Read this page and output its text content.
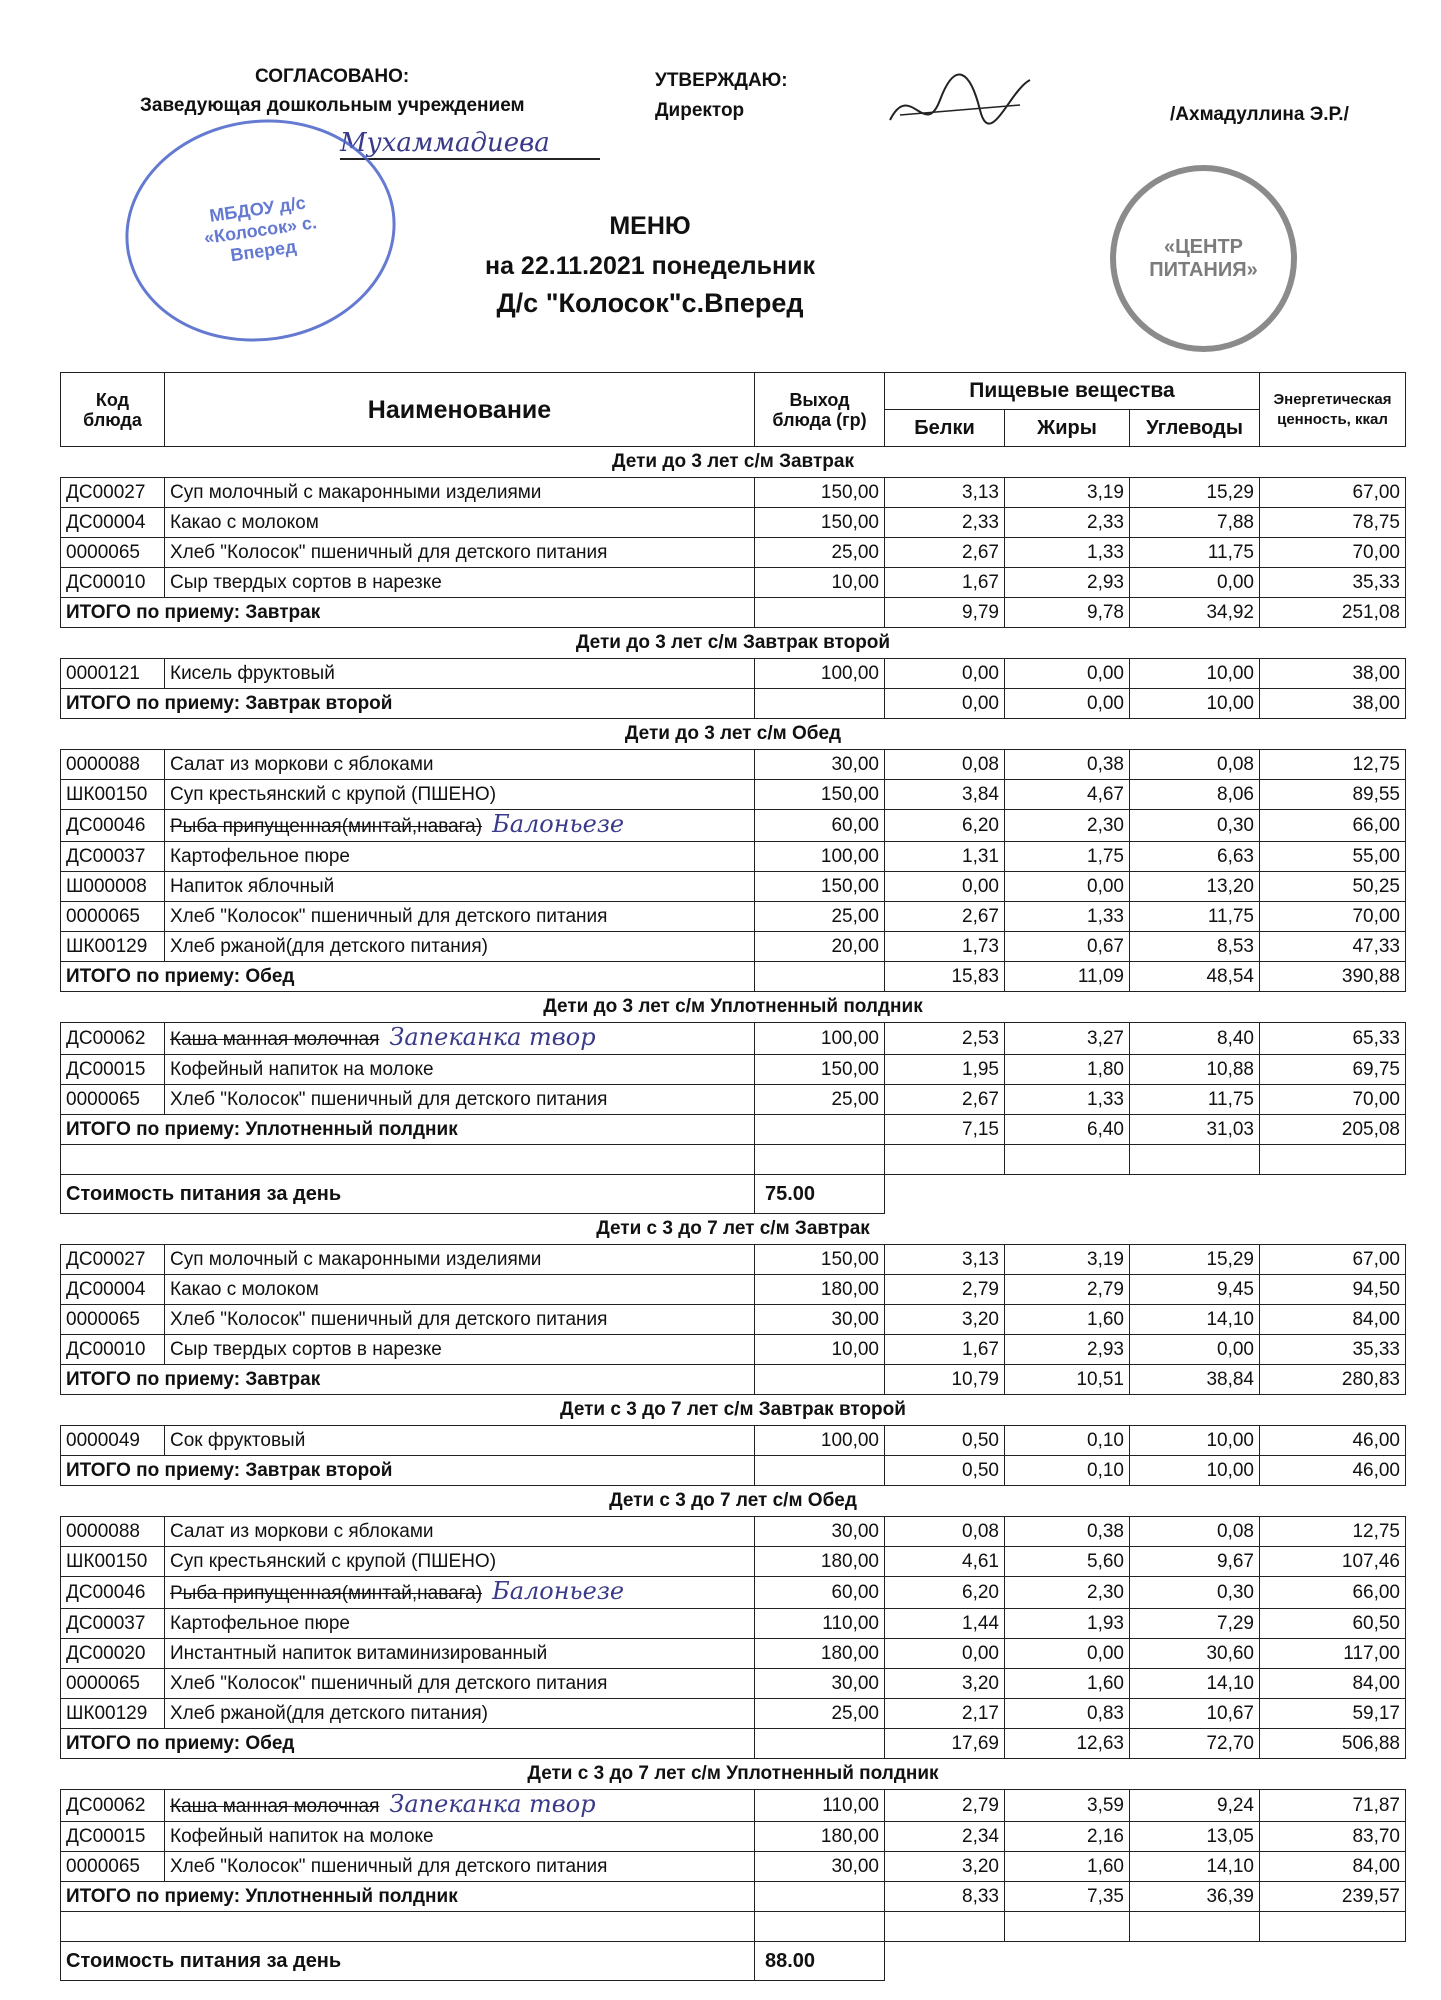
СОГЛАСОВАНО:
Заведующая дошкольным учреждением
Мухаммадиева
УТВЕРЖДАЮ:
Директор	/Ахмадуллина Э.Р./
МБДОУ д/с «Колосок» с. Вперед	«ЦЕНТР ПИТАНИЯ»
МЕНЮ
на 22.11.2021 понедельник
Д/с "Колосок"с.Вперед
Код блюда	Наименование	Выход блюда (гр)	Пищевые вещества			Энергетическая ценность, ккал
			Белки	Жиры	Углеводы	
Дети до 3 лет с/м Завтрак						
ДС00027	Суп молочный с макаронными изделиями	150,00	3,13	3,19	15,29	67,00
ДС00004	Какао с молоком	150,00	2,33	2,33	7,88	78,75
0000065	Хлеб "Колосок" пшеничный для детского питания	25,00	2,67	1,33	11,75	70,00
ДС00010	Сыр твердых сортов в нарезке	10,00	1,67	2,93	0,00	35,33
ИТОГО по приему: Завтрак			9,79	9,78	34,92	251,08
Дети до 3 лет с/м Завтрак второй						
0000121	Кисель фруктовый	100,00	0,00	0,00	10,00	38,00
ИТОГО по приему: Завтрак второй			0,00	0,00	10,00	38,00
Дети до 3 лет с/м Обед						
0000088	Салат из моркови с яблоками	30,00	0,08	0,38	0,08	12,75
ШК00150	Суп крестьянский с крупой (ПШЕНО)	150,00	3,84	4,67	8,06	89,55
ДС00046	Рыба припущенная(минтай,навага) Балоньезе	60,00	6,20	2,30	0,30	66,00
ДС00037	Картофельное пюре	100,00	1,31	1,75	6,63	55,00
Ш000008	Напиток яблочный	150,00	0,00	0,00	13,20	50,25
0000065	Хлеб "Колосок" пшеничный для детского питания	25,00	2,67	1,33	11,75	70,00
ШК00129	Хлеб ржаной(для детского питания)	20,00	1,73	0,67	8,53	47,33
ИТОГО по приему: Обед			15,83	11,09	48,54	390,88
Дети до 3 лет с/м Уплотненный полдник						
ДС00062	Каша манная молочная Запеканка твор	100,00	2,53	3,27	8,40	65,33
ДС00015	Кофейный напиток на молоке	150,00	1,95	1,80	10,88	69,75
0000065	Хлеб "Колосок" пшеничный для детского питания	25,00	2,67	1,33	11,75	70,00
ИТОГО по приему: Уплотненный полдник			7,15	6,40	31,03	205,08

Стоимость питания за день		75.00				
Дети с 3 до 7 лет с/м Завтрак						
ДС00027	Суп молочный с макаронными изделиями	150,00	3,13	3,19	15,29	67,00
ДС00004	Какао с молоком	180,00	2,79	2,79	9,45	94,50
0000065	Хлеб "Колосок" пшеничный для детского питания	30,00	3,20	1,60	14,10	84,00
ДС00010	Сыр твердых сортов в нарезке	10,00	1,67	2,93	0,00	35,33
ИТОГО по приему: Завтрак			10,79	10,51	38,84	280,83
Дети с 3 до 7 лет с/м Завтрак второй						
0000049	Сок фруктовый	100,00	0,50	0,10	10,00	46,00
ИТОГО по приему: Завтрак второй			0,50	0,10	10,00	46,00
Дети с 3 до 7 лет с/м Обед						
0000088	Салат из моркови с яблоками	30,00	0,08	0,38	0,08	12,75
ШК00150	Суп крестьянский с крупой (ПШЕНО)	180,00	4,61	5,60	9,67	107,46
ДС00046	Рыба припущенная(минтай,навага) Балоньезе	60,00	6,20	2,30	0,30	66,00
ДС00037	Картофельное пюре	110,00	1,44	1,93	7,29	60,50
ДС00020	Инстантный напиток витаминизированный	180,00	0,00	0,00	30,60	117,00
0000065	Хлеб "Колосок" пшеничный для детского питания	30,00	3,20	1,60	14,10	84,00
ШК00129	Хлеб ржаной(для детского питания)	25,00	2,17	0,83	10,67	59,17
ИТОГО по приему: Обед			17,69	12,63	72,70	506,88
Дети с 3 до 7 лет с/м Уплотненный полдник						
ДС00062	Каша манная молочная Запеканка твор	110,00	2,79	3,59	9,24	71,87
ДС00015	Кофейный напиток на молоке	180,00	2,34	2,16	13,05	83,70
0000065	Хлеб "Колосок" пшеничный для детского питания	30,00	3,20	1,60	14,10	84,00
ИТОГО по приему: Уплотненный полдник			8,33	7,35	36,39	239,57

Стоимость питания за день		88.00				
